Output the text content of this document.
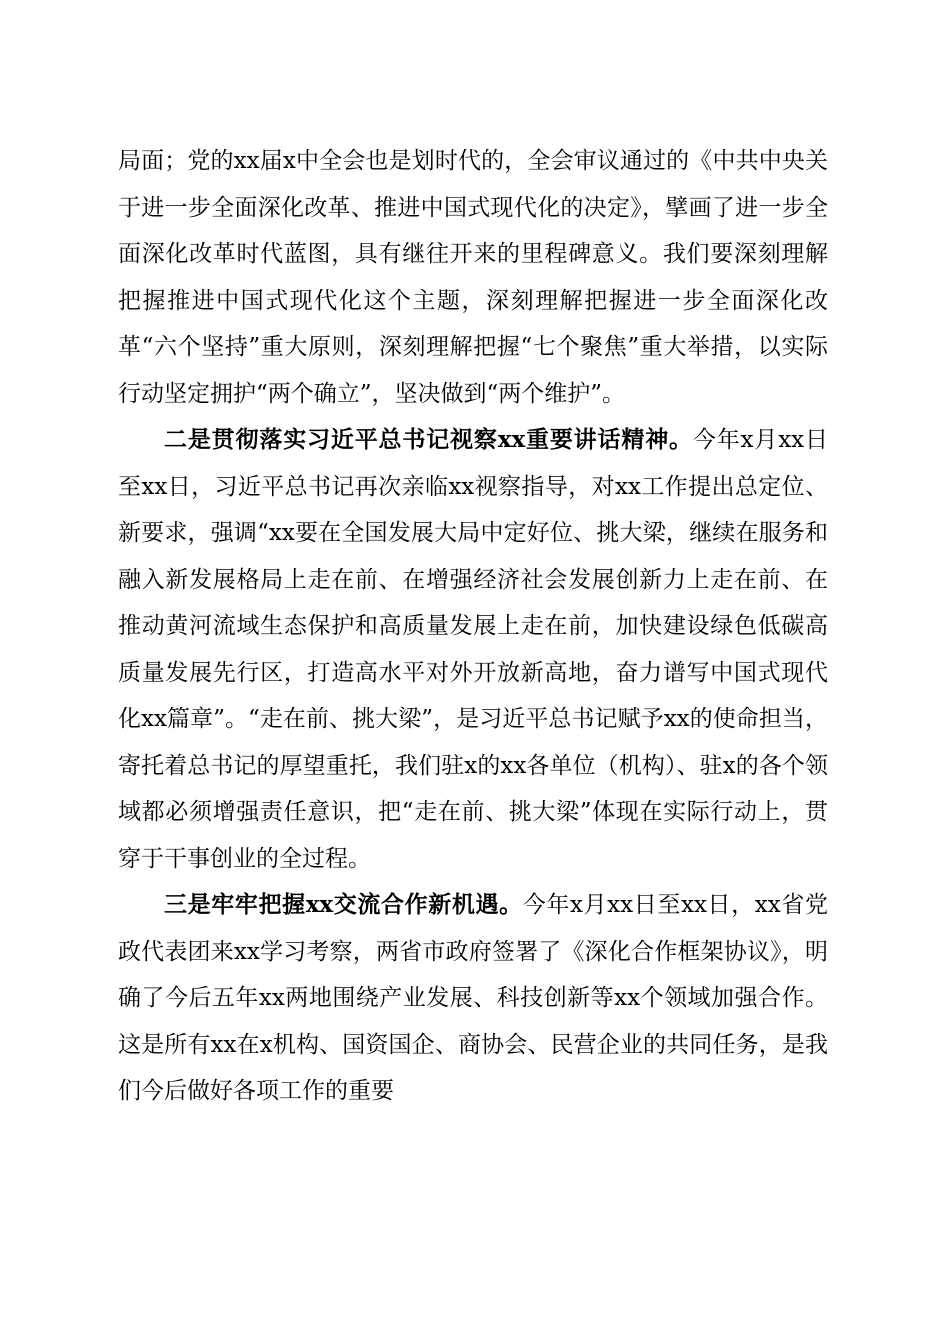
局面；党的xx届x中全会也是划时代的，全会审议通过的《中共中央关于进一步全面深化改革、推进中国式现代化的决定》，擘画了进一步全面深化改革时代蓝图，具有继往开来的里程碑意义。我们要深刻理解把握推进中国式现代化这个主题，深刻理解把握进一步全面深化改革“六个坚持”重大原则，深刻理解把握“七个聚焦”重大举措，以实际行动坚定拥护“两个确立”，坚决做到“两个维护”。

二是贯彻落实习近平总书记视察xx重要讲话精神。今年x月xx日至xx日，习近平总书记再次亲临xx视察指导，对xx工作提出总定位、新要求，强调“xx要在全国发展大局中定好位、挑大梁，继续在服务和融入新发展格局上走在前、在增强经济社会发展创新力上走在前、在推动黄河流域生态保护和高质量发展上走在前，加快建设绿色低碳高质量发展先行区，打造高水平对外开放新高地，奋力谱写中国式现代化xx篇章”。“走在前、挑大梁”，是习近平总书记赋予xx的使命担当，寄托着总书记的厚望重托，我们驻x的xx各单位（机构）、驻x的各个领域都必须增强责任意识，把“走在前、挑大梁”体现在实际行动上，贯穿于干事创业的全过程。

三是牢牢把握xx交流合作新机遇。今年x月xx日至xx日，xx省党政代表团来xx学习考察，两省市政府签署了《深化合作框架协议》，明确了今后五年xx两地围绕产业发展、科技创新等xx个领域加强合作。这是所有xx在x机构、国资国企、商协会、民营企业的共同任务，是我们今后做好各项工作的重要
